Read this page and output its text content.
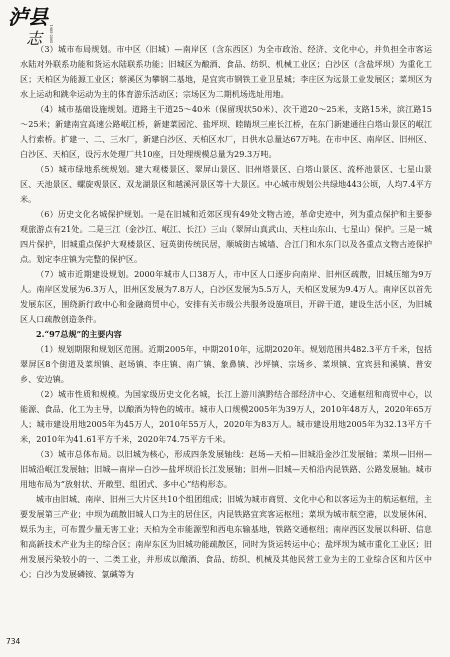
泸县
志	1985-2005

（3）城市布局规划。市中区（旧城）—南岸区（含东西区）为全市政治、经济、文化中心，并负担全市客运水陆对外联系功能和货运水陆联系功能；旧城区为酿酒、食品、纺织、机械工业区；白沙区（含盐坪坝）为重化工区；天柏区为能源工业区；蔡溪区为攀钢二基地，是宜宾市钢铁工业卫星城；李庄区为远景工业发展区；菜坝区为水上运动和跳伞运动为主的体育游乐活动区；宗场区为二期机场选址用地。

（4）城市基础设施规划。道路主干道25～40米（保留现状50米）、次干道20～25米，支路15米，滨江路15～25米；新建南宜高速公路岷江桥，新建菜园沱、盐坪坝、睦睛坝三座长江桥，在东门新建通往白塔山景区的岷江人行索桥。扩建一、二、三水厂，新建白沙区、天柏区水厂，日供水总量达67万吨。在市中区、南岸区、旧州区、白沙区、天柏区，设污水处理厂共10座，日处理规模总量为29.3万吨。

（5）城市绿地系统规划。建大观楼景区、翠屏山景区、旧州塔景区、白塔山景区、流杯池景区、七星山景区、天池景区、螺旋观景区、双龙湖景区和越溪河景区等十大景区。中心城市规划公共绿地443公顷，人均7.4平方米。

（6）历史文化名城保护规划。一是在旧城和近郊区现有49处文物古迹，革命史迹中，列为重点保护和主要参观旅游点有21处。二是三江（金沙江、岷江、长江）三山（翠屏山真武山、天柱山东山、七星山）保护。三是一城四片保护，旧城重点保护大观楼景区、冠英街传统民居，顺城街古城墙、合江门和水东门以及各重点文物古迹保护点。划定李庄镇为完整的保护区。

（7）城市近期建设规划。2000年城市人口38万人，市中区人口逐步向南岸、旧州区疏散，旧城压缩为9万人。南岸区发展为6.3万人，旧州区发展为7.8万人，白沙区发展为5.5万人，天柏区发展为9.4万人。南岸区以首先发展东区，围绕新行政中心和金融商贸中心，安排有关市级公共服务设施项目，开辟干道，建设生活小区，为旧城区人口疏散创造条件。

2.“97总规”的主要内容

（1）规划期限和规划区范围。近期2005年，中期2010年，远期2020年。规划范围共482.3平方千米，包括翠屏区8个街道及菜坝镇、赵场镇、李庄镇、南广镇、象鼻镇、沙坪镇、宗场乡、菜坝镇、宜宾县和溪镇、普安乡、安边镇。

（2）城市性质和规模。为国家级历史文化名城，长江上游川滇黔结合部经济中心、交通枢纽和商贸中心，以能源、食品、化工为主导，以酿酒为特色的城市。城市人口规模2005年为39万人，2010年48万人，2020年65万人；城市建设用地2005年为45万人，2010年55万人，2020年为83万人。城市建设用地2005年为32.13平方千米，2010年为41.61平方千米，2020年74.75平方千米。

（3）城市总体布局。以旧城为核心，形成四条发展轴线：赵场—天柏—旧城沿金沙江发展轴；菜坝—旧州—旧城沿岷江发展轴；旧城—南岸—白沙—盐坪坝沿长江发展轴；旧州—旧城—天柏沿内昆铁路、公路发展轴。城市用地布局为“放射状、开敞型、组团式、多中心”结构形态。

城市由旧城、南岸、旧州三大片区共10个组团组成；旧城为城市商贸、文化中心和以客运为主的航运枢纽，主要发展第三产业；中坝为疏散旧城人口为主的居住区，内昆铁路宜宾客运枢纽；菜坝为城市航空港，以发展休闲、娱乐为主，可布置少量无害工业；天柏为全市能源型和西电东输基地，铁路交通枢纽；南岸西区发展以科研、信息和高新技术产业为主的综合区；南岸东区为旧城功能疏散区，同时为货运转运中心；盐坪坝为城市重化工业区；旧州发展污染较小的一、二类工业，并形成以酿酒、食品、纺织、机械及其他民营工业为主的工业综合区和片区中心；白沙为发展磷铵、氯碱等为

734
